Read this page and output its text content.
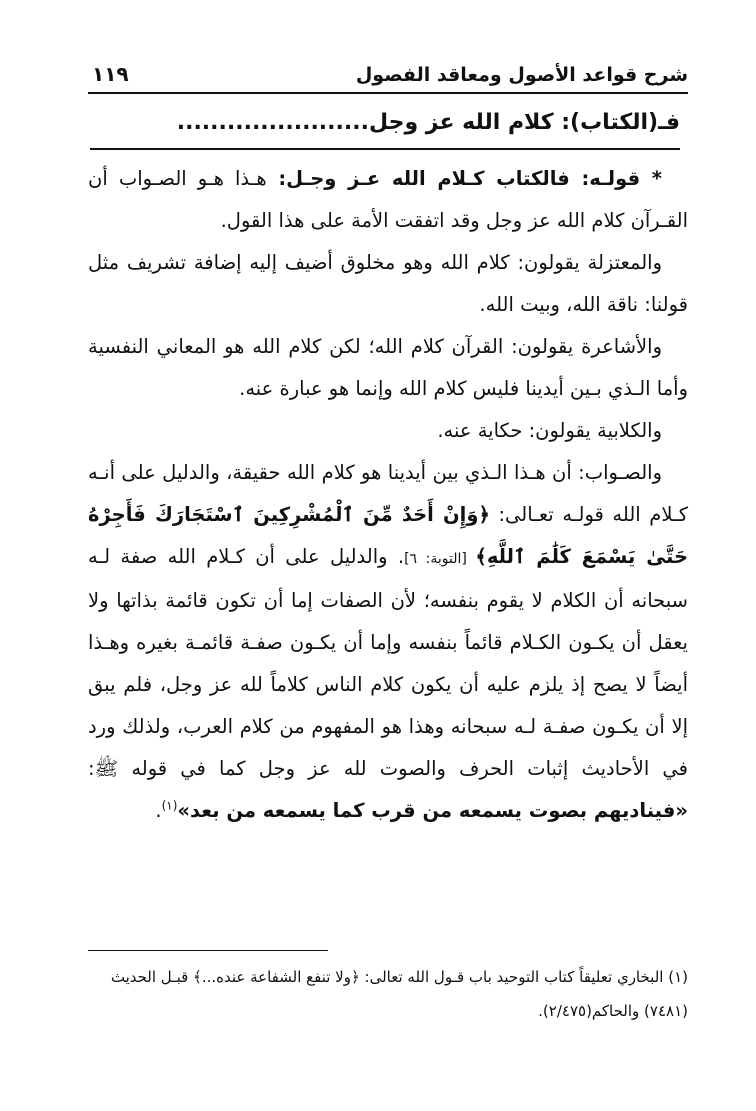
شرح قواعد الأصول ومعاقد الفصول
١١٩
فـ(الكتاب): كلام الله عز وجل.......................

* قولـه: فالكتاب كـلام الله عـز وجـل: هـذا هـو الصـواب أن القـرآن كلام الله عز وجل وقد اتفقت الأمة على هذا القول.

والمعتزلة يقولون: كلام الله وهو مخلوق أضيف إليه إضافة تشريف مثل قولنا: ناقة الله، وبيت الله.

والأشاعرة يقولون: القرآن كلام الله؛ لكن كلام الله هو المعاني النفسية وأما الـذي بـين أيدينا فليس كلام الله وإنما هو عبارة عنه.

والكلابية يقولون: حكاية عنه.

والصـواب: أن هـذا الـذي بين أيدينا هو كلام الله حقيقة، والدليل على أنـه كـلام الله قولـه تعـالى: ﴿وَإِنْ أَحَدٌ مِّنَ ٱلْمُشْرِكِينَ ٱسْتَجَارَكَ فَأَجِرْهُ حَتَّىٰ يَسْمَعَ كَلَٰمَ ٱللَّهِ﴾ [التوبة: ٦]. والدليل على أن كـلام الله صفة لـه سبحانه أن الكلام لا يقوم بنفسه؛ لأن الصفات إما أن تكون قائمة بذاتها ولا يعقل أن يكـون الكـلام قائماً بنفسه وإما أن يكـون صفـة قائمـة بغيره وهـذا أيضاً لا يصح إذ يلزم عليه أن يكون كلام الناس كلاماً لله عز وجل، فلم يبق إلا أن يكـون صفـة لـه سبحانه وهذا هو المفهوم من كلام العرب، ولذلك ورد في الأحاديث إثبات الحرف والصوت لله عز وجل كما في قوله ﷺ: «فيناديهم بصوت يسمعه من قرب كما يسمعه من بعد»$^{(١)}$.

(١) البخاري تعليقاً كتاب التوحيد باب قـول الله تعالى: ﴿ولا تنفع الشفاعة عنده...﴾ قبـل الحديث

(٧٤٨١) والحاكم(٢/٤٧٥).
